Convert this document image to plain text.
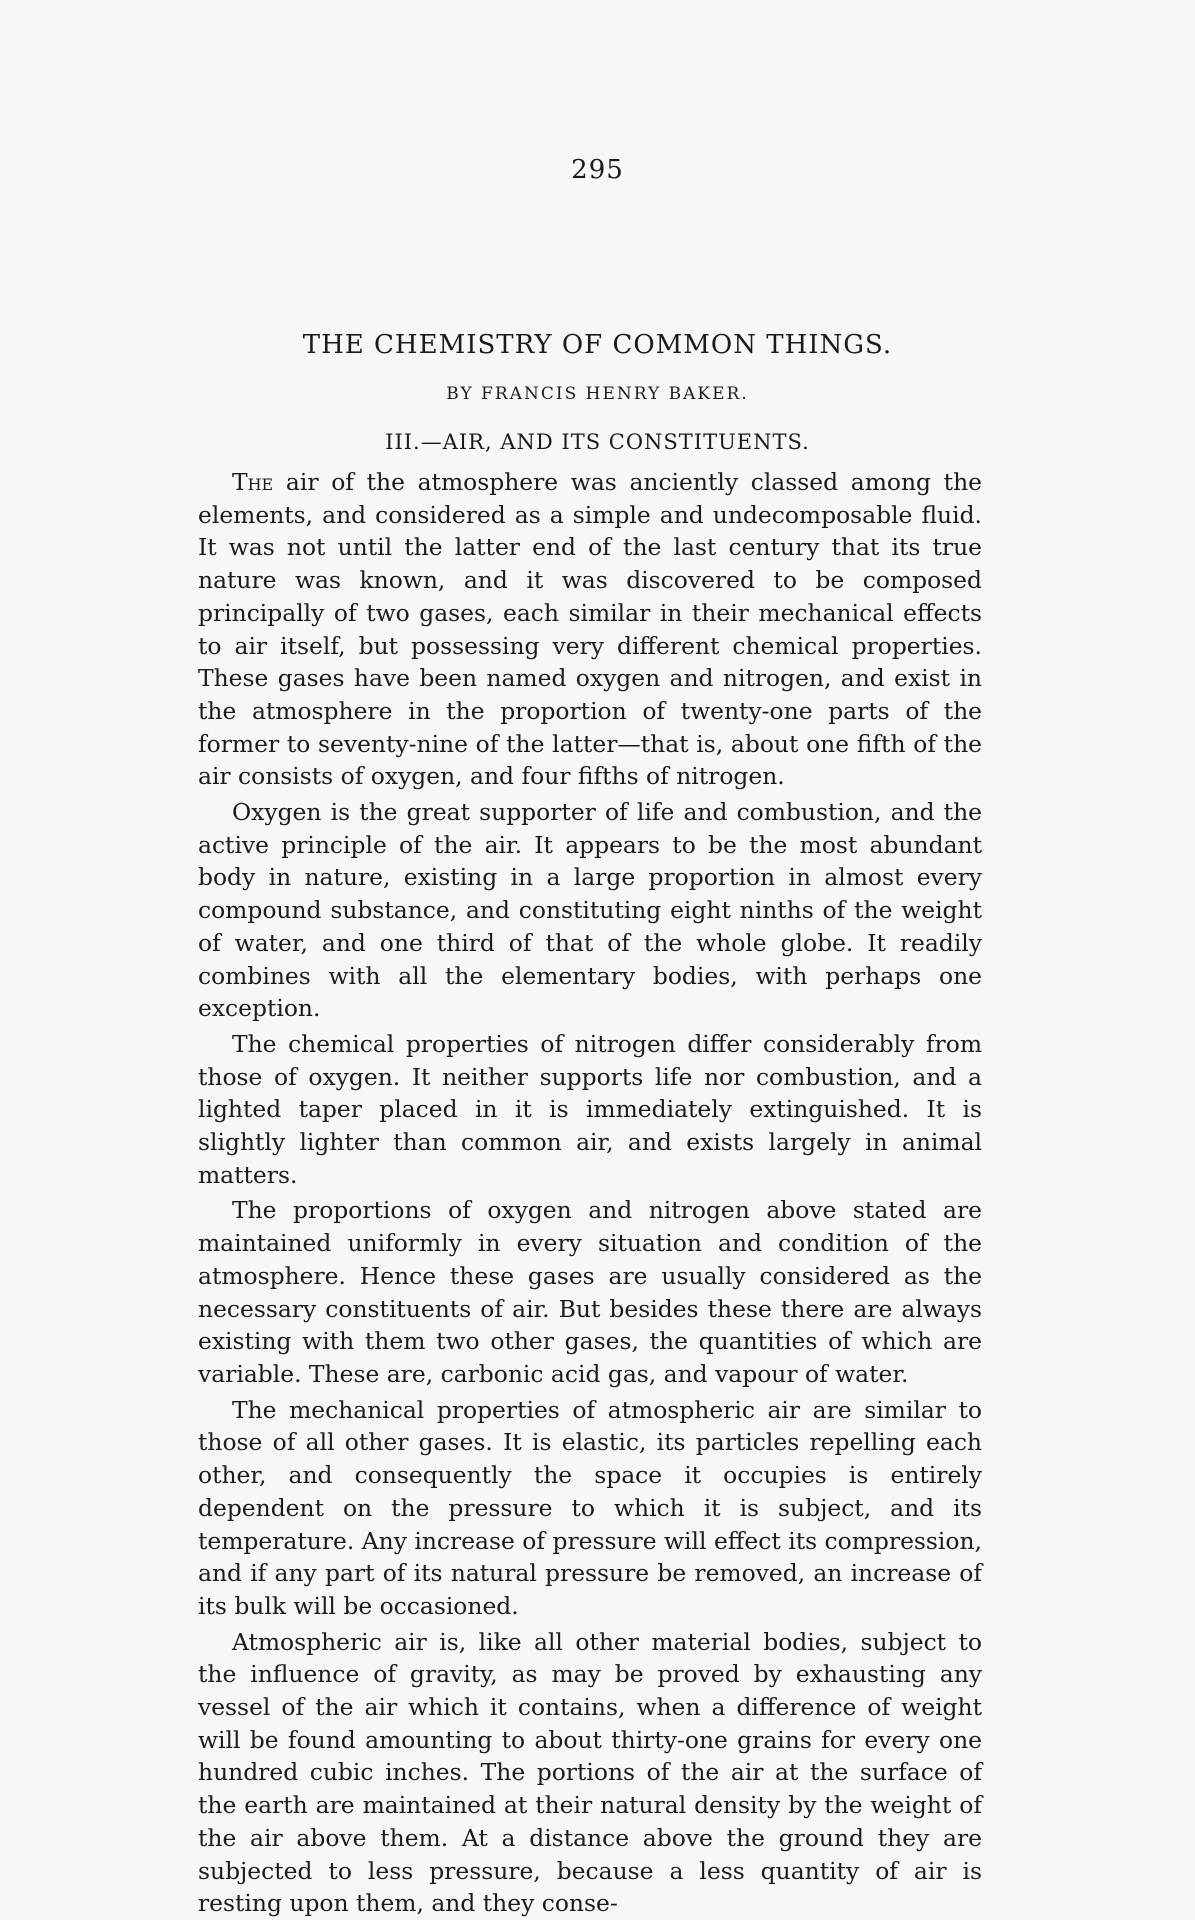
295
THE CHEMISTRY OF COMMON THINGS.
BY FRANCIS HENRY BAKER.
III.—AIR, AND ITS CONSTITUENTS.

The air of the atmosphere was anciently classed among the elements, and considered as a simple and undecomposable fluid. It was not until the latter end of the last century that its true nature was known, and it was discovered to be composed principally of two gases, each similar in their mechanical effects to air itself, but possessing very different chemical properties. These gases have been named oxygen and nitrogen, and exist in the atmosphere in the proportion of twenty-one parts of the former to seventy-nine of the latter—that is, about one fifth of the air consists of oxygen, and four fifths of nitrogen.

Oxygen is the great supporter of life and combustion, and the active principle of the air. It appears to be the most abundant body in nature, existing in a large proportion in almost every compound substance, and constituting eight ninths of the weight of water, and one third of that of the whole globe. It readily combines with all the elementary bodies, with perhaps one exception.

The chemical properties of nitrogen differ considerably from those of oxygen. It neither supports life nor combustion, and a lighted taper placed in it is immediately extinguished. It is slightly lighter than common air, and exists largely in animal matters.

The proportions of oxygen and nitrogen above stated are maintained uniformly in every situation and condition of the atmosphere. Hence these gases are usually considered as the necessary constituents of air. But besides these there are always existing with them two other gases, the quantities of which are variable. These are, carbonic acid gas, and vapour of water.

The mechanical properties of atmospheric air are similar to those of all other gases. It is elastic, its particles repelling each other, and consequently the space it occupies is entirely dependent on the pressure to which it is subject, and its temperature. Any increase of pressure will effect its compression, and if any part of its natural pressure be removed, an increase of its bulk will be occasioned.

Atmospheric air is, like all other material bodies, subject to the influence of gravity, as may be proved by exhausting any vessel of the air which it contains, when a difference of weight will be found amounting to about thirty-one grains for every one hundred cubic inches. The portions of the air at the surface of the earth are maintained at their natural density by the weight of the air above them. At a distance above the ground they are subjected to less pressure, because a less quantity of air is resting upon them, and they conse-
